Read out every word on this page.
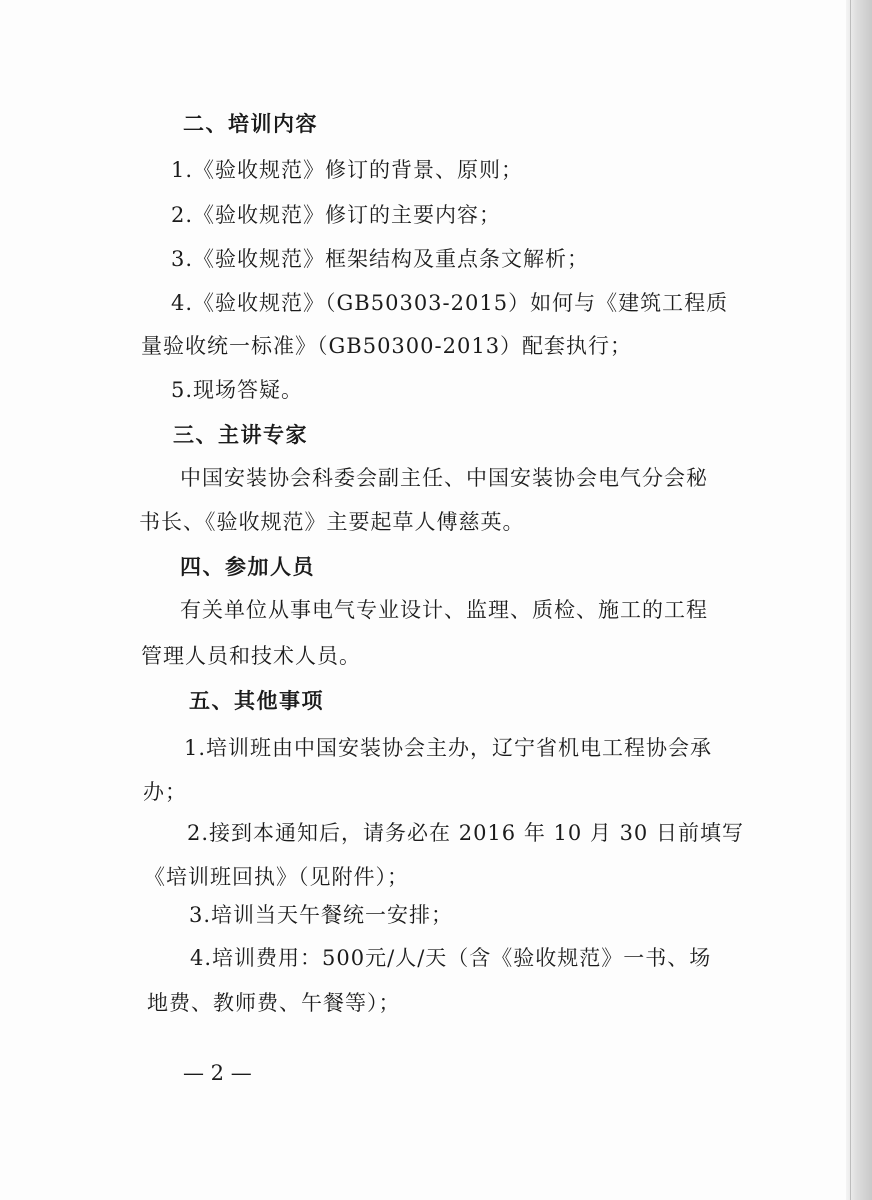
二、培训内容
1.《验收规范》修订的背景、原则；
2.《验收规范》修订的主要内容；
3.《验收规范》框架结构及重点条文解析；
4.《验收规范》（GB50303-2015）如何与《建筑工程质
量验收统一标准》（GB50300-2013）配套执行；
5.现场答疑。
三、主讲专家
中国安装协会科委会副主任、中国安装协会电气分会秘
书长、《验收规范》主要起草人傅慈英。
四、参加人员
有关单位从事电气专业设计、监理、质检、施工的工程
管理人员和技术人员。
五、其他事项
1.培训班由中国安装协会主办，辽宁省机电工程协会承
办；
2.接到本通知后，请务必在 2016 年 10 月 30 日前填写
《培训班回执》（见附件）；
3.培训当天午餐统一安排；
4.培训费用：500元/人/天（含《验收规范》一书、场
地费、教师费、午餐等）；
— 2 —
